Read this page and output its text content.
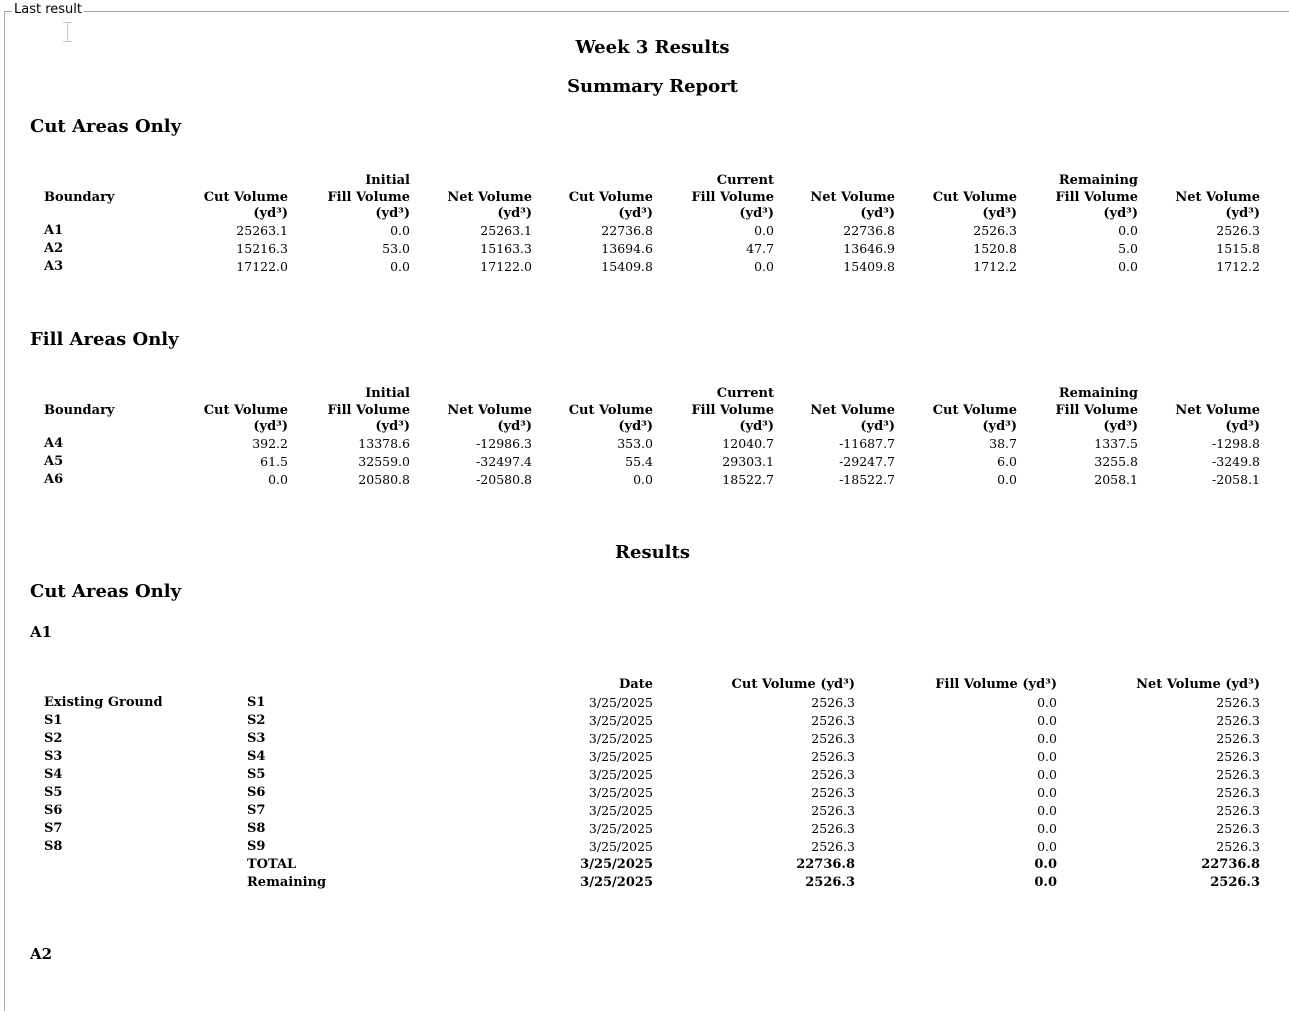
Last result
Week 3 Results
Summary Report
Cut Areas Only
		Initial			Current			Remaining	
Boundary	Cut Volume	Fill Volume	Net Volume	Cut Volume	Fill Volume	Net Volume	Cut Volume	Fill Volume	Net Volume
	(yd³)	(yd³)	(yd³)	(yd³)	(yd³)	(yd³)	(yd³)	(yd³)	(yd³)
A1	25263.1	0.0	25263.1	22736.8	0.0	22736.8	2526.3	0.0	2526.3
A2	15216.3	53.0	15163.3	13694.6	47.7	13646.9	1520.8	5.0	1515.8
A3	17122.0	0.0	17122.0	15409.8	0.0	15409.8	1712.2	0.0	1712.2
Fill Areas Only
		Initial			Current			Remaining	
Boundary	Cut Volume	Fill Volume	Net Volume	Cut Volume	Fill Volume	Net Volume	Cut Volume	Fill Volume	Net Volume
	(yd³)	(yd³)	(yd³)	(yd³)	(yd³)	(yd³)	(yd³)	(yd³)	(yd³)
A4	392.2	13378.6	-12986.3	353.0	12040.7	-11687.7	38.7	1337.5	-1298.8
A5	61.5	32559.0	-32497.4	55.4	29303.1	-29247.7	6.0	3255.8	-3249.8
A6	0.0	20580.8	-20580.8	0.0	18522.7	-18522.7	0.0	2058.1	-2058.1
Results
Cut Areas Only
A1
		Date	Cut Volume (yd³)	Fill Volume (yd³)	Net Volume (yd³)
Existing Ground	S1	3/25/2025	2526.3	0.0	2526.3
S1	S2	3/25/2025	2526.3	0.0	2526.3
S2	S3	3/25/2025	2526.3	0.0	2526.3
S3	S4	3/25/2025	2526.3	0.0	2526.3
S4	S5	3/25/2025	2526.3	0.0	2526.3
S5	S6	3/25/2025	2526.3	0.0	2526.3
S6	S7	3/25/2025	2526.3	0.0	2526.3
S7	S8	3/25/2025	2526.3	0.0	2526.3
S8	S9	3/25/2025	2526.3	0.0	2526.3
	TOTAL	3/25/2025	22736.8	0.0	22736.8
	Remaining	3/25/2025	2526.3	0.0	2526.3
A2
